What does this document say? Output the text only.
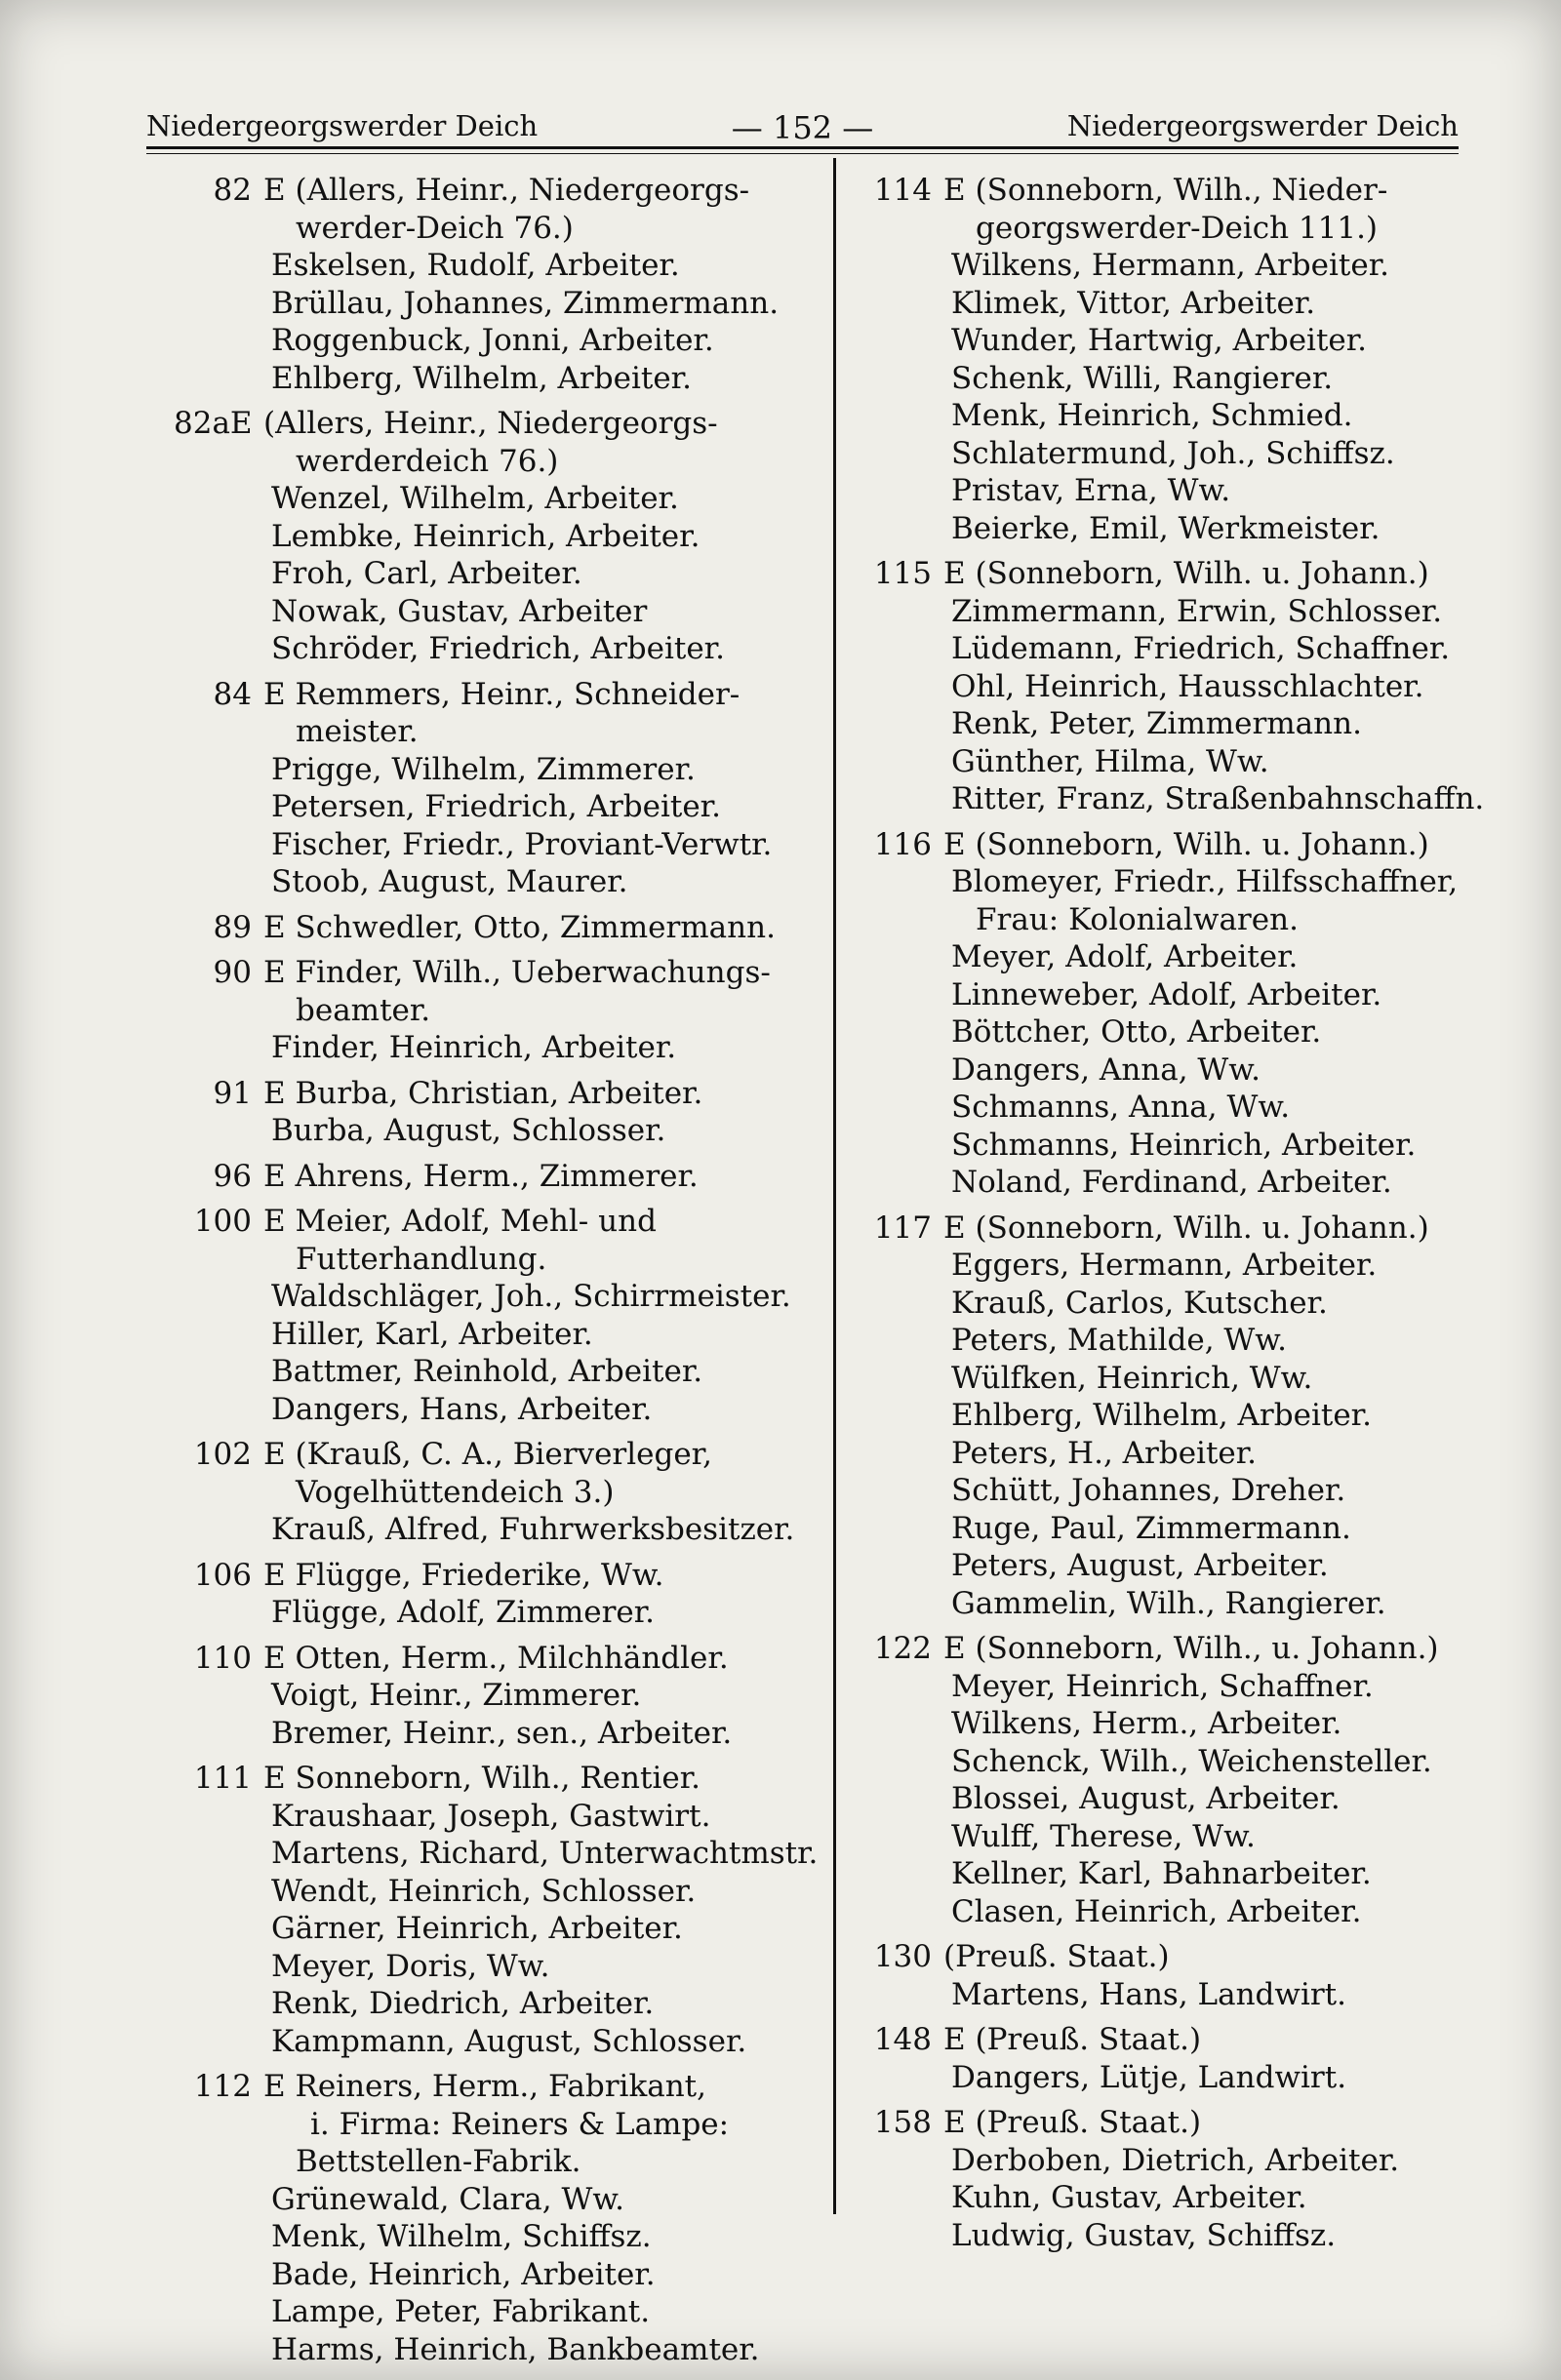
Niedergeorgswerder Deich	— 152 —	Niedergeorgswerder Deich
82 E (Allers, Heinr., Niedergeorgs-
werder-Deich 76.)
Eskelsen, Rudolf, Arbeiter.
Brüllau, Johannes, Zimmermann.
Roggenbuck, Jonni, Arbeiter.
Ehlberg, Wilhelm, Arbeiter.
82aE (Allers, Heinr., Niedergeorgs-
werderdeich 76.)
Wenzel, Wilhelm, Arbeiter.
Lembke, Heinrich, Arbeiter.
Froh, Carl, Arbeiter.
Nowak, Gustav, Arbeiter
Schröder, Friedrich, Arbeiter.
84 E Remmers, Heinr., Schneider-
meister.
Prigge, Wilhelm, Zimmerer.
Petersen, Friedrich, Arbeiter.
Fischer, Friedr., Proviant-Verwtr.
Stoob, August, Maurer.
89 E Schwedler, Otto, Zimmermann.
90 E Finder, Wilh., Ueberwachungs-
beamter.
Finder, Heinrich, Arbeiter.
91 E Burba, Christian, Arbeiter.
Burba, August, Schlosser.
96 E Ahrens, Herm., Zimmerer.
100 E Meier, Adolf, Mehl- und
Futterhandlung.
Waldschläger, Joh., Schirrmeister.
Hiller, Karl, Arbeiter.
Battmer, Reinhold, Arbeiter.
Dangers, Hans, Arbeiter.
102 E (Krauß, C. A., Bierverleger,
Vogelhüttendeich 3.)
Krauß, Alfred, Fuhrwerksbesitzer.
106 E Flügge, Friederike, Ww.
Flügge, Adolf, Zimmerer.
110 E Otten, Herm., Milchhändler.
Voigt, Heinr., Zimmerer.
Bremer, Heinr., sen., Arbeiter.
111 E Sonneborn, Wilh., Rentier.
Kraushaar, Joseph, Gastwirt.
Martens, Richard, Unterwachtmstr.
Wendt, Heinrich, Schlosser.
Gärner, Heinrich, Arbeiter.
Meyer, Doris, Ww.
Renk, Diedrich, Arbeiter.
Kampmann, August, Schlosser.
112 E Reiners, Herm., Fabrikant,
i. Firma: Reiners & Lampe:
Bettstellen-Fabrik.
Grünewald, Clara, Ww.
Menk, Wilhelm, Schiffsz.
Bade, Heinrich, Arbeiter.
Lampe, Peter, Fabrikant.
Harms, Heinrich, Bankbeamter.
114 E (Sonneborn, Wilh., Nieder-
georgswerder-Deich 111.)
Wilkens, Hermann, Arbeiter.
Klimek, Vittor, Arbeiter.
Wunder, Hartwig, Arbeiter.
Schenk, Willi, Rangierer.
Menk, Heinrich, Schmied.
Schlatermund, Joh., Schiffsz.
Pristav, Erna, Ww.
Beierke, Emil, Werkmeister.
115 E (Sonneborn, Wilh. u. Johann.)
Zimmermann, Erwin, Schlosser.
Lüdemann, Friedrich, Schaffner.
Ohl, Heinrich, Hausschlachter.
Renk, Peter, Zimmermann.
Günther, Hilma, Ww.
Ritter, Franz, Straßenbahnschaffn.
116 E (Sonneborn, Wilh. u. Johann.)
Blomeyer, Friedr., Hilfsschaffner,
Frau: Kolonialwaren.
Meyer, Adolf, Arbeiter.
Linneweber, Adolf, Arbeiter.
Böttcher, Otto, Arbeiter.
Dangers, Anna, Ww.
Schmanns, Anna, Ww.
Schmanns, Heinrich, Arbeiter.
Noland, Ferdinand, Arbeiter.
117 E (Sonneborn, Wilh. u. Johann.)
Eggers, Hermann, Arbeiter.
Krauß, Carlos, Kutscher.
Peters, Mathilde, Ww.
Wülfken, Heinrich, Ww.
Ehlberg, Wilhelm, Arbeiter.
Peters, H., Arbeiter.
Schütt, Johannes, Dreher.
Ruge, Paul, Zimmermann.
Peters, August, Arbeiter.
Gammelin, Wilh., Rangierer.
122 E (Sonneborn, Wilh., u. Johann.)
Meyer, Heinrich, Schaffner.
Wilkens, Herm., Arbeiter.
Schenck, Wilh., Weichensteller.
Blossei, August, Arbeiter.
Wulff, Therese, Ww.
Kellner, Karl, Bahnarbeiter.
Clasen, Heinrich, Arbeiter.
130 (Preuß. Staat.)
Martens, Hans, Landwirt.
148 E (Preuß. Staat.)
Dangers, Lütje, Landwirt.
158 E (Preuß. Staat.)
Derboben, Dietrich, Arbeiter.
Kuhn, Gustav, Arbeiter.
Ludwig, Gustav, Schiffsz.
